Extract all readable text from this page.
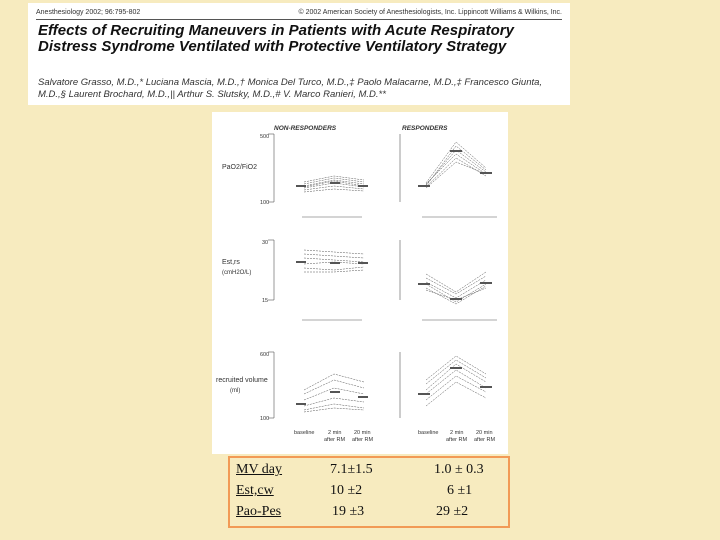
Anesthesiology 2002; 96:795-802	© 2002 American Society of Anesthesiologists, Inc. Lippincott Williams & Wilkins, Inc.
Effects of Recruiting Maneuvers in Patients with Acute Respiratory Distress Syndrome Ventilated with Protective Ventilatory Strategy
Salvatore Grasso, M.D.,* Luciana Mascia, M.D.,† Monica Del Turco, M.D.,‡ Paolo Malacarne, M.D.,‡ Francesco Giunta, M.D.,§ Laurent Brochard, M.D.,|| Arthur S. Slutsky, M.D.,# V. Marco Ranieri, M.D.**
NON-RESPONDERS	RESPONDERS
PaO2/FiO2
500
100
Est,rs
(cmH2O/L)
30
15
recruited volume
(ml)
600
100
baseline 2 min
after RM
20 min
after RM
baseline 2 min
after RM
20 min
after RM
MV day	7.1±1.5	1.0 ± 0.3
Est,cw	10 ±2	6 ±1
Pao-Pes	19 ±3	29 ±2
